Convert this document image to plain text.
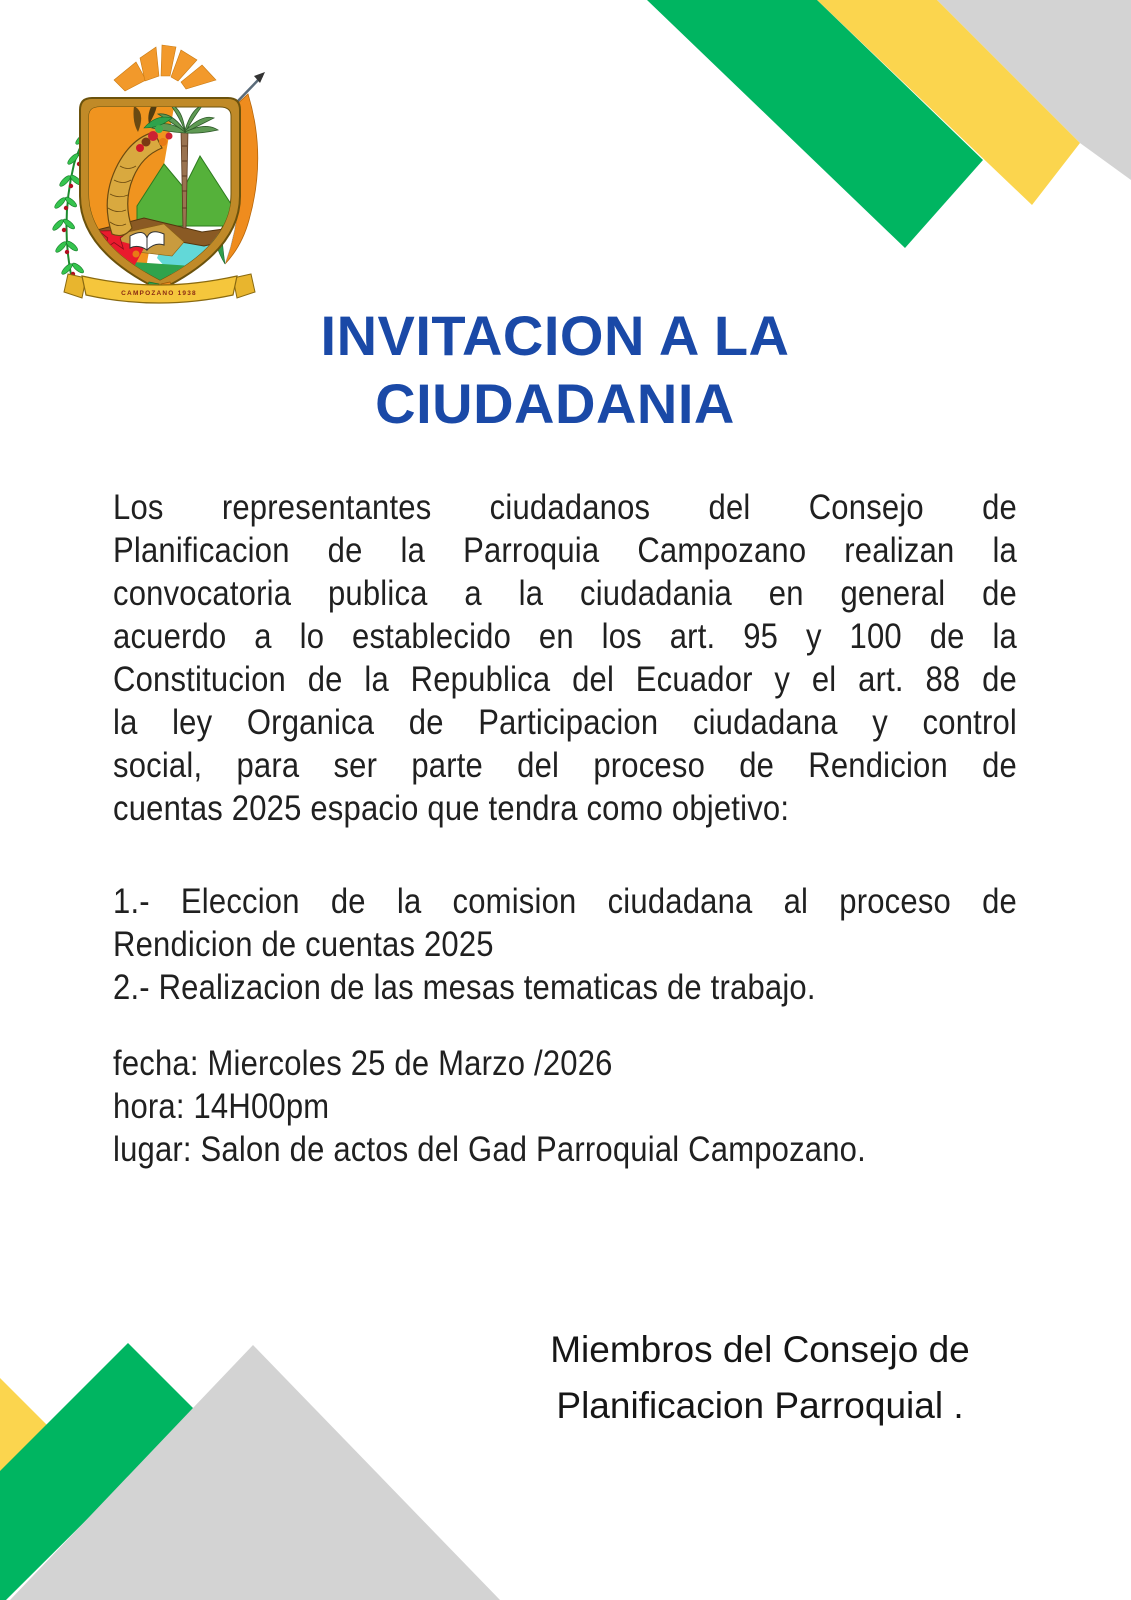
CAMPOZANO 1938
INVITACION A LA
CIUDADANIA
Los representantes ciudadanos del Consejo de
Planificacion de la Parroquia Campozano realizan la
convocatoria publica a la ciudadania en general de
acuerdo a lo establecido en los art. 95 y 100 de la
Constitucion de la Republica del Ecuador y el art. 88 de
la ley Organica de Participacion ciudadana y control
social, para ser parte del proceso de Rendicion de
cuentas 2025 espacio que tendra como objetivo:
1.- Eleccion de la comision ciudadana al proceso de
Rendicion de cuentas 2025
2.- Realizacion de las mesas tematicas de trabajo.
fecha: Miercoles 25 de Marzo /2026
hora: 14H00pm
lugar: Salon de actos del Gad Parroquial Campozano.
Miembros del Consejo de
Planificacion Parroquial .
